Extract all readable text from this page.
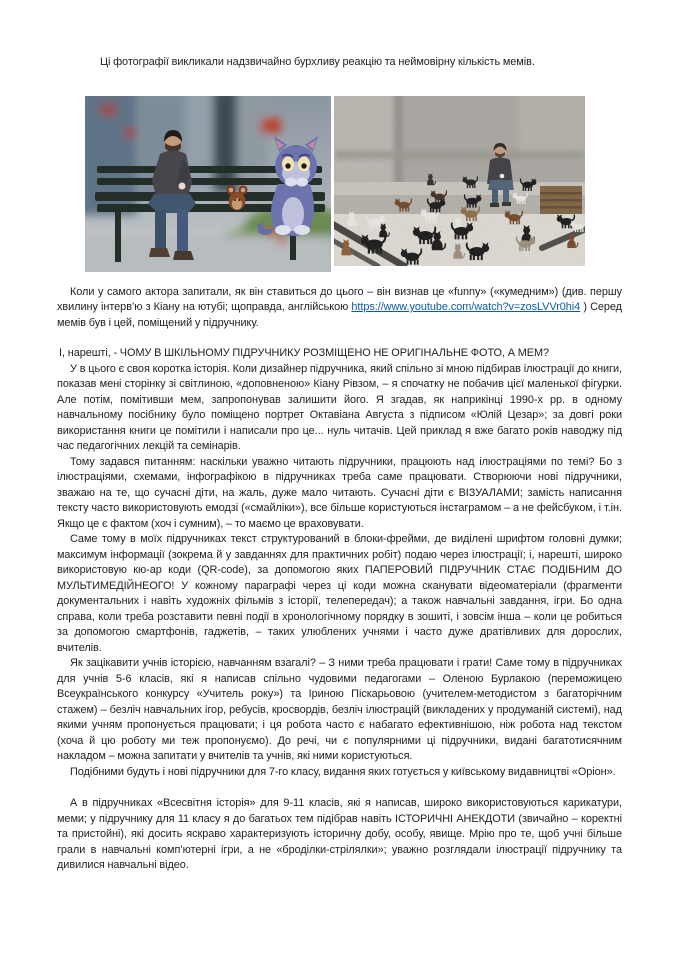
Ці фотографії викликали надзвичайно бурхливу реакцію та неймовірну кількість мемів.

Коли у самого актора запитали, як він ставиться до цього – він визнав це «funny» («кумедним») (див. першу хвилину інтерв’ю з Кіану на ютубі; щоправда, англійською https://www.youtube.com/watch?v=zosLVVr0hi4 ) Серед мемів був і цей, поміщений у підручнику.

І, нарешті, - ЧОМУ В ШКІЛЬНОМУ ПІДРУЧНИКУ РОЗМІЩЕНО НЕ ОРИГІНАЛЬНЕ ФОТО, А МЕМ?

У в цього є своя коротка історія. Коли дизайнер підручника, який спільно зі мною підбирав ілюстрації до книги, показав мені сторінку зі світлиною, «доповненою» Кіану Рівзом, – я спочатку не побачив цієї маленької фігурки. Але потім, помітивши мем, запропонував залишити його. Я згадав, як наприкінці 1990-х рр. в одному навчальному посібнику було поміщено портрет Октавіана Августа з підписом «Юлій Цезар»; за довгі роки використання книги це помітили і написали про це... нуль читачів. Цей приклад я вже багато років наводжу під час педагогічних лекцій та семінарів.

Тому задався питанням: наскільки уважно читають підручники, працюють над ілюстраціями по темі? Бо з ілюстраціями, схемами, інфографікою в підручниках треба саме працювати. Створюючи нові підручники, зважаю на те, що сучасні діти, на жаль, дуже мало читають. Сучасні діти є ВІЗУАЛАМИ; замість написання тексту часто використовують емодзі («смайліки»), все більше користуються інстаграмом – а не фейсбуком, і т.ін. Якщо це є фактом (хоч і сумним), – то маємо це враховувати.

Саме тому в моїх підручниках текст структурований в блоки-фрейми, де виділені шрифтом головні думки; максимум інформації (зокрема й у завданнях для практичних робіт) подаю через ілюстрації; і, нарешті, широко використовую кю-ар коди (QR-code), за допомогою яких ПАПЕРОВИЙ ПІДРУЧНИК СТАЄ ПОДІБНИМ ДО МУЛЬТИМЕДІЙНЕОГО! У кожному параграфі через ці коди можна сканувати відеоматеріали (фрагменти документальних і навіть художніх фільмів з історії, телепередач); а також навчальні завдання, ігри. Бо одна справа, коли треба розставити певні події в хронологічному порядку в зошиті, і зовсім інша – коли це робиться за допомогою смартфонів, гаджетів, – таких улюблених учнями і часто дуже дратівливих для дорослих, вчителів.

Як зацікавити учнів історією, навчанням взагалі? – З ними треба працювати і грати! Саме тому в підручниках для учнів 5-6 класів, які я написав спільно чудовими педагогами – Оленою Бурлакою (переможицею Всеукраїнського конкурсу «Учитель року») та Іриною Піскарьовою (учителем-методистом з багаторічним стажем) – безліч навчальних ігор, ребусів, кросвордів, безліч ілюстрацій (викладених у продуманій системі), над якими учням пропонується працювати; і ця робота часто є набагато ефективнішою, ніж робота над текстом (хоча й цю роботу ми теж пропонуємо). До речі, чи є популярними ці підручники, видані багатотисячним накладом – можна запитати у вчителів та учнів, які ними користуються.

Подібними будуть і нові підручники для 7-го класу, видання яких готується у київському видавництві «Оріон».

А в підручниках «Всесвітня історія» для 9-11 класів, які я написав, широко використовуються карикатури, меми; у підручнику для 11 класу я до багатьох тем підібрав навіть ІСТОРИЧНІ АНЕКДОТИ (звичайно – коректні та пристойні), які досить яскраво характеризують історичну добу, особу, явище. Мрію про те, щоб учні більше грали в навчальні комп’ютерні ігри, а не «броділки-стрілялки»; уважно розглядали ілюстрації підручнику та дивилися навчальні відео.
